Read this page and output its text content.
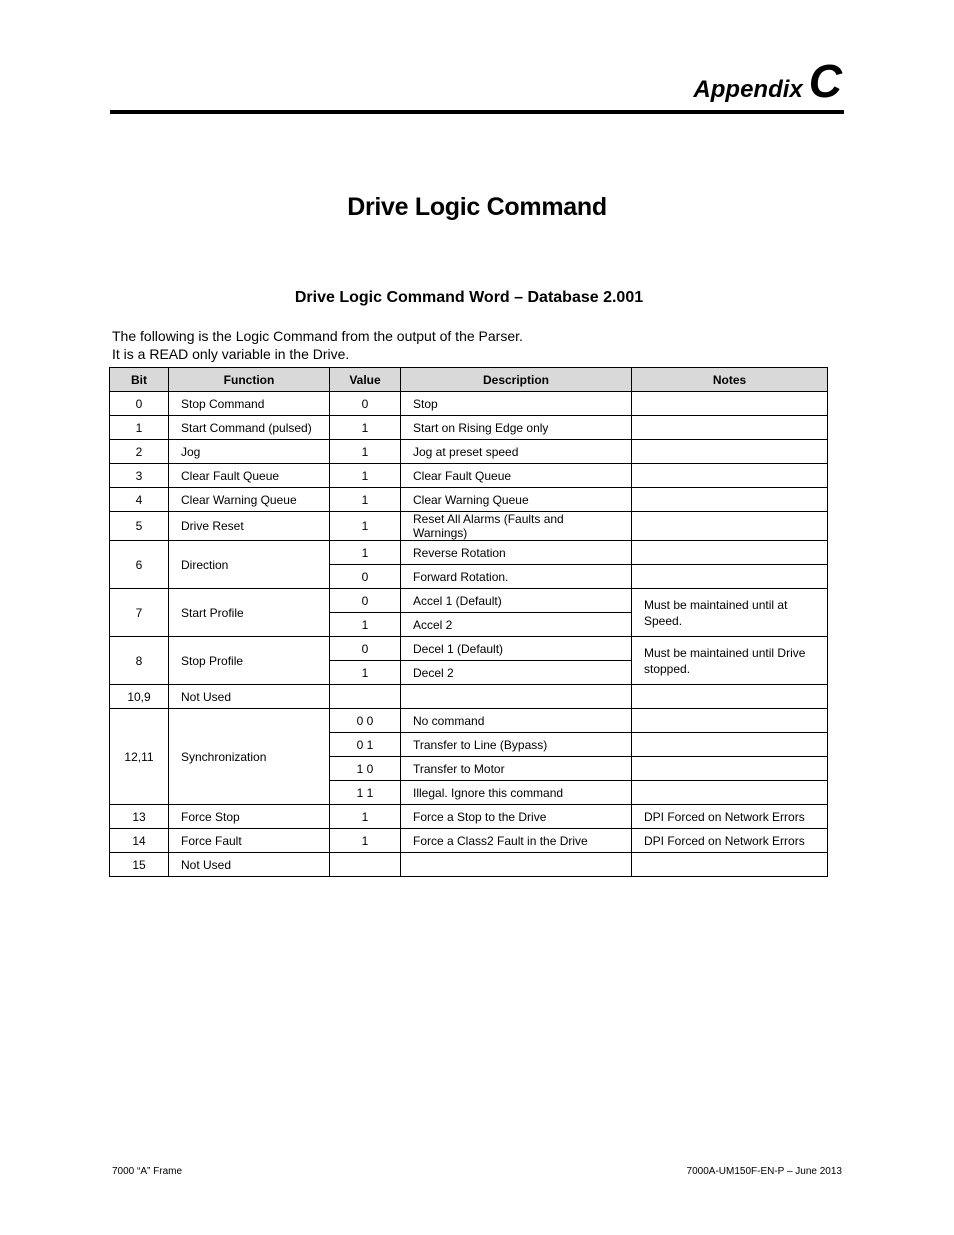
Appendix C
Drive Logic Command
Drive Logic Command Word – Database 2.001
The following is the Logic Command from the output of the Parser.
It is a READ only variable in the Drive.
Bit	Function	Value	Description	Notes
0	Stop Command	0	Stop	
1	Start Command (pulsed)	1	Start on Rising Edge only	
2	Jog	1	Jog at preset speed	
3	Clear Fault Queue	1	Clear Fault Queue	
4	Clear Warning Queue	1	Clear Warning Queue	
5	Drive Reset	1	Reset All Alarms (Faults and Warnings)	
6	Direction	1	Reverse Rotation	
		0	Forward Rotation.	
7	Start Profile	0	Accel 1 (Default)	Must be maintained until at Speed.
		1	Accel 2	
8	Stop Profile	0	Decel 1 (Default)	Must be maintained until Drive stopped.
		1	Decel 2	
10,9	Not Used			
12,11	Synchronization	0 0	No command	
		0 1	Transfer to Line (Bypass)	
		1 0	Transfer to Motor	
		1 1	Illegal. Ignore this command	
13	Force Stop	1	Force a Stop to the Drive	DPI Forced on Network Errors
14	Force Fault	1	Force a Class2 Fault in the Drive	DPI Forced on Network Errors
15	Not Used			
7000 “A” Frame	7000A-UM150F-EN-P – June 2013
